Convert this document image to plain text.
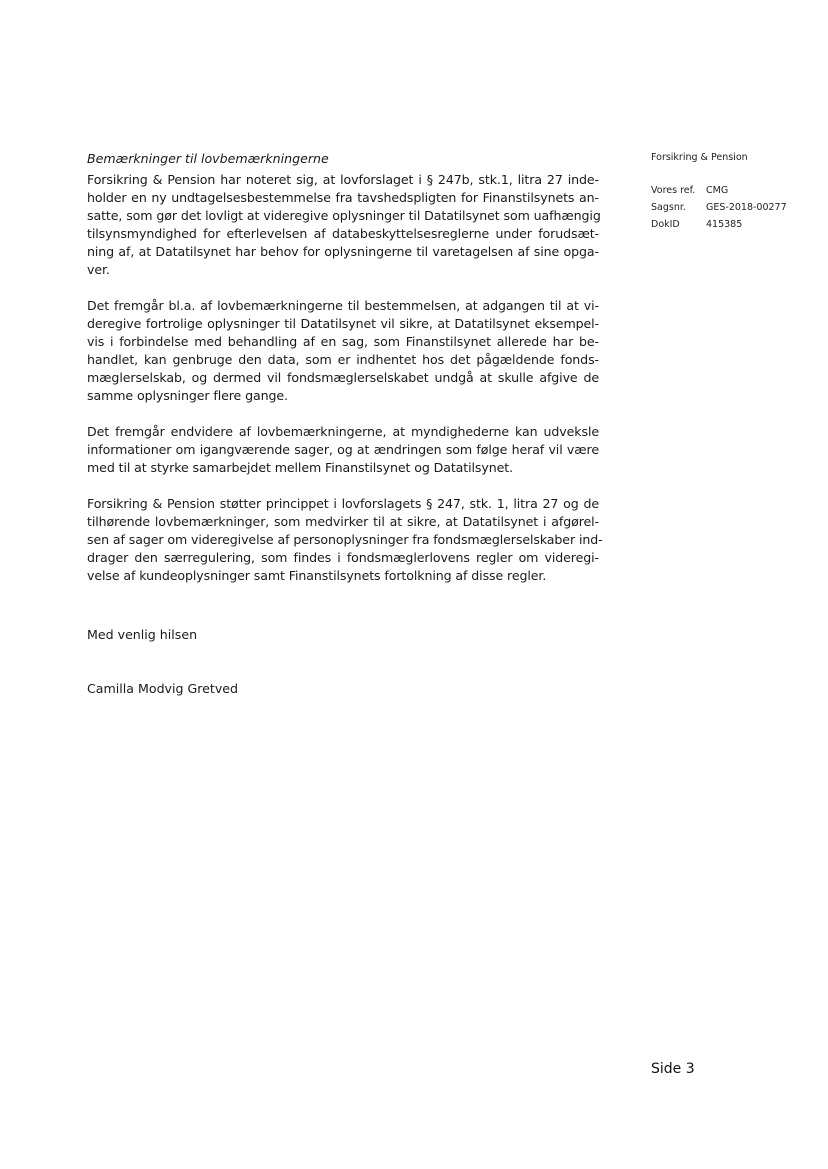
Bemærkninger til lovbemærkningerne
Forsikring & Pension har noteret sig, at lovforslaget i § 247b, stk.1, litra 27 inde-
holder en ny undtagelsesbestemmelse fra tavshedspligten for Finanstilsynets an-
satte, som gør det lovligt at videregive oplysninger til Datatilsynet som uafhængig
tilsynsmyndighed for efterlevelsen af databeskyttelsesreglerne under forudsæt-
ning af, at Datatilsynet har behov for oplysningerne til varetagelsen af sine opga-
ver.
Det fremgår bl.a. af lovbemærkningerne til bestemmelsen, at adgangen til at vi-
deregive fortrolige oplysninger til Datatilsynet vil sikre, at Datatilsynet eksempel-
vis i forbindelse med behandling af en sag, som Finanstilsynet allerede har be-
handlet, kan genbruge den data, som er indhentet hos det pågældende fonds-
mæglerselskab, og dermed vil fondsmæglerselskabet undgå at skulle afgive de
samme oplysninger flere gange.
Det fremgår endvidere af lovbemærkningerne, at myndighederne kan udveksle
informationer om igangværende sager, og at ændringen som følge heraf vil være
med til at styrke samarbejdet mellem Finanstilsynet og Datatilsynet.
Forsikring & Pension støtter princippet i lovforslagets § 247, stk. 1, litra 27 og de
tilhørende lovbemærkninger, som medvirker til at sikre, at Datatilsynet i afgørel-
sen af sager om videregivelse af personoplysninger fra fondsmæglerselskaber ind-
drager den særregulering, som findes i fondsmæglerlovens regler om videregi-
velse af kundeoplysninger samt Finanstilsynets fortolkning af disse regler.
Med venlig hilsen
Camilla Modvig Gretved
Forsikring & Pension
Vores ref.	CMG
Sagsnr.	GES-2018-00277
DokID	415385
Side 3
